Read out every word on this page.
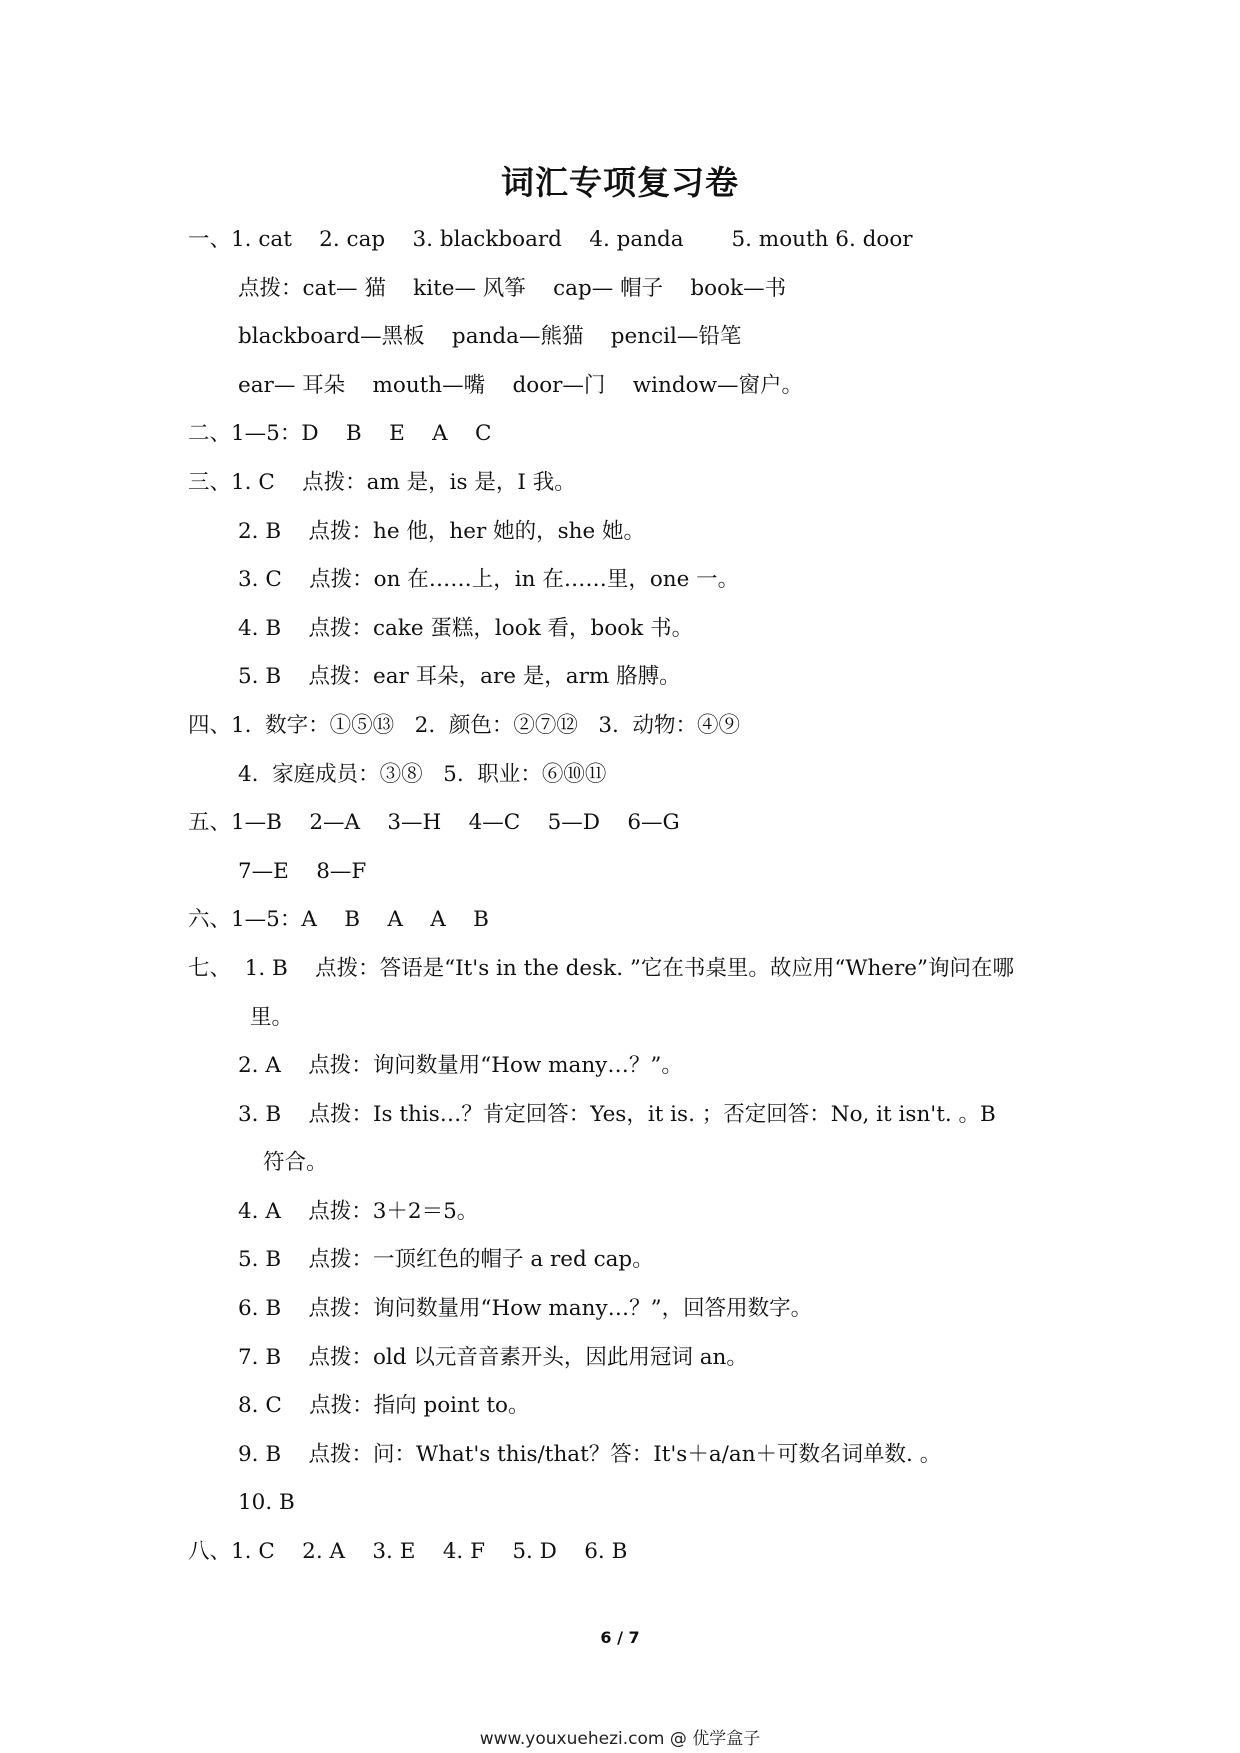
词汇专项复习卷
一、1. cat    2. cap    3. blackboard    4. panda       5. mouth 6. door
点拨：cat— 猫    kite— 风筝    cap— 帽子    book—书
blackboard—黑板    panda—熊猫    pencil—铅笔
ear— 耳朵    mouth—嘴    door—门    window—窗户。
二、1—5：D    B    E    A    C
三、1. C    点拨：am 是，is 是，I 我。
2. B    点拨：he 他，her 她的，she 她。
3. C    点拨：on 在……上，in 在……里，one 一。
4. B    点拨：cake 蛋糕，look 看，book 书。
5. B    点拨：ear 耳朵，are 是，arm 胳膊。
四、1.  数字：①⑤⑬   2.  颜色：②⑦⑫   3.  动物：④⑨
4.  家庭成员：③⑧   5.  职业：⑥⑩⑪
五、1—B    2—A    3—H    4—C    5—D    6—G
7—E    8—F
六、1—5：A    B    A    A    B
七、  1. B    点拨：答语是“It's in the desk. ”它在书桌里。故应用“Where”询问在哪
里。
2. A    点拨：询问数量用“How many…？”。
3. B    点拨：Is this…？肯定回答：Yes，it is. ；否定回答：No, it isn't. 。B
符合。
4. A    点拨：3＋2＝5。
5. B    点拨：一顶红色的帽子 a red cap。
6. B    点拨：询问数量用“How many…？”，回答用数字。
7. B    点拨：old 以元音音素开头，因此用冠词 an。
8. C    点拨：指向 point to。
9. B    点拨：问：What's this/that？答：It's＋a/an＋可数名词单数. 。
10. B
八、1. C    2. A    3. E    4. F    5. D    6. B
6 / 7
www.youxuehezi.com @ 优学盒子
